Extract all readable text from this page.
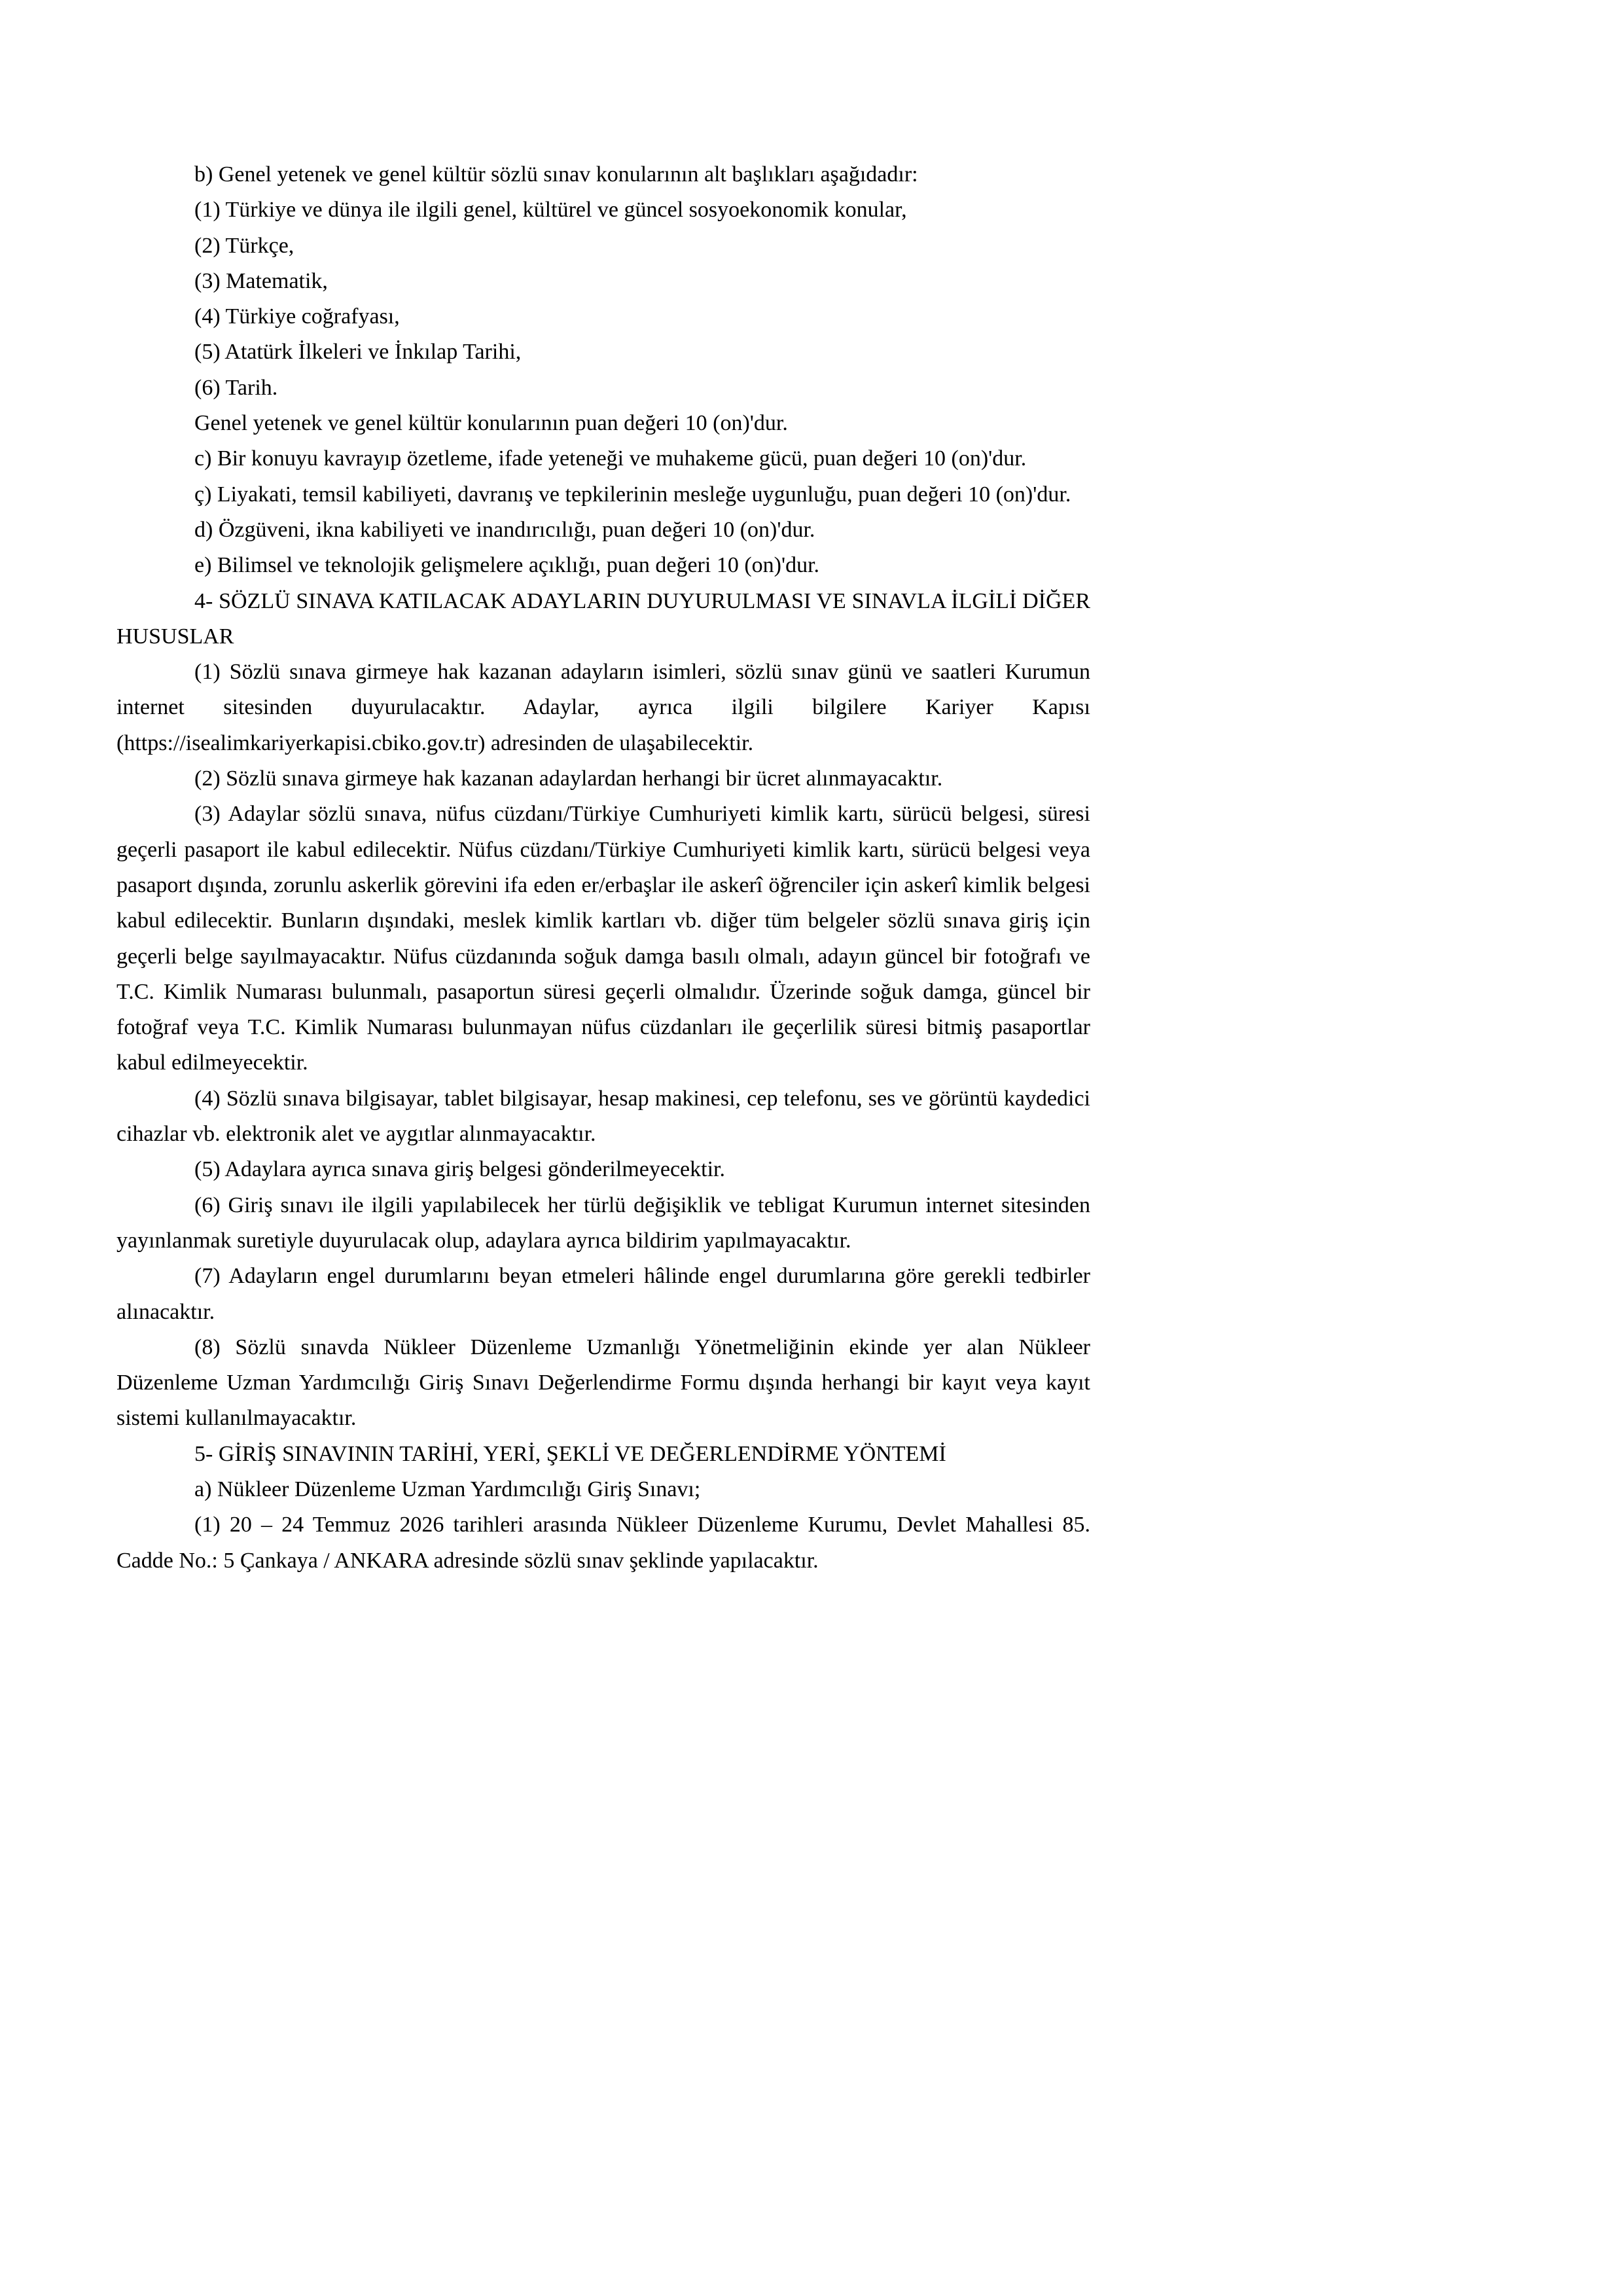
b) Genel yetenek ve genel kültür sözlü sınav konularının alt başlıkları aşağıdadır:

(1) Türkiye ve dünya ile ilgili genel, kültürel ve güncel sosyoekonomik konular,

(2) Türkçe,

(3) Matematik,

(4) Türkiye coğrafyası,

(5) Atatürk İlkeleri ve İnkılap Tarihi,

(6) Tarih.

Genel yetenek ve genel kültür konularının puan değeri 10 (on)'dur.

c) Bir konuyu kavrayıp özetleme, ifade yeteneği ve muhakeme gücü, puan değeri 10 (on)'dur.

ç) Liyakati, temsil kabiliyeti, davranış ve tepkilerinin mesleğe uygunluğu, puan değeri 10 (on)'dur.

d) Özgüveni, ikna kabiliyeti ve inandırıcılığı, puan değeri 10 (on)'dur.

e) Bilimsel ve teknolojik gelişmelere açıklığı, puan değeri 10 (on)'dur.

4- SÖZLÜ SINAVA KATILACAK ADAYLARIN DUYURULMASI VE SINAVLA İLGİLİ DİĞER HUSUSLAR

(1) Sözlü sınava girmeye hak kazanan adayların isimleri, sözlü sınav günü ve saatleri Kurumun internet sitesinden duyurulacaktır. Adaylar, ayrıca ilgili bilgilere Kariyer Kapısı (https://isealimkariyerkapisi.cbiko.gov.tr) adresinden de ulaşabilecektir.

(2) Sözlü sınava girmeye hak kazanan adaylardan herhangi bir ücret alınmayacaktır.

(3) Adaylar sözlü sınava, nüfus cüzdanı/Türkiye Cumhuriyeti kimlik kartı, sürücü belgesi, süresi geçerli pasaport ile kabul edilecektir. Nüfus cüzdanı/Türkiye Cumhuriyeti kimlik kartı, sürücü belgesi veya pasaport dışında, zorunlu askerlik görevini ifa eden er/erbaşlar ile askerî öğrenciler için askerî kimlik belgesi kabul edilecektir. Bunların dışındaki, meslek kimlik kartları vb. diğer tüm belgeler sözlü sınava giriş için geçerli belge sayılmayacaktır. Nüfus cüzdanında soğuk damga basılı olmalı, adayın güncel bir fotoğrafı ve T.C. Kimlik Numarası bulunmalı, pasaportun süresi geçerli olmalıdır. Üzerinde soğuk damga, güncel bir fotoğraf veya T.C. Kimlik Numarası bulunmayan nüfus cüzdanları ile geçerlilik süresi bitmiş pasaportlar kabul edilmeyecektir.

(4) Sözlü sınava bilgisayar, tablet bilgisayar, hesap makinesi, cep telefonu, ses ve görüntü kaydedici cihazlar vb. elektronik alet ve aygıtlar alınmayacaktır.

(5) Adaylara ayrıca sınava giriş belgesi gönderilmeyecektir.

(6) Giriş sınavı ile ilgili yapılabilecek her türlü değişiklik ve tebligat Kurumun internet sitesinden yayınlanmak suretiyle duyurulacak olup, adaylara ayrıca bildirim yapılmayacaktır.

(7) Adayların engel durumlarını beyan etmeleri hâlinde engel durumlarına göre gerekli tedbirler alınacaktır.

(8) Sözlü sınavda Nükleer Düzenleme Uzmanlığı Yönetmeliğinin ekinde yer alan Nükleer Düzenleme Uzman Yardımcılığı Giriş Sınavı Değerlendirme Formu dışında herhangi bir kayıt veya kayıt sistemi kullanılmayacaktır.

5- GİRİŞ SINAVININ TARİHİ, YERİ, ŞEKLİ VE DEĞERLENDİRME YÖNTEMİ

a) Nükleer Düzenleme Uzman Yardımcılığı Giriş Sınavı;

(1) 20 – 24 Temmuz 2026 tarihleri arasında Nükleer Düzenleme Kurumu, Devlet Mahallesi 85. Cadde No.: 5 Çankaya / ANKARA adresinde sözlü sınav şeklinde yapılacaktır.
